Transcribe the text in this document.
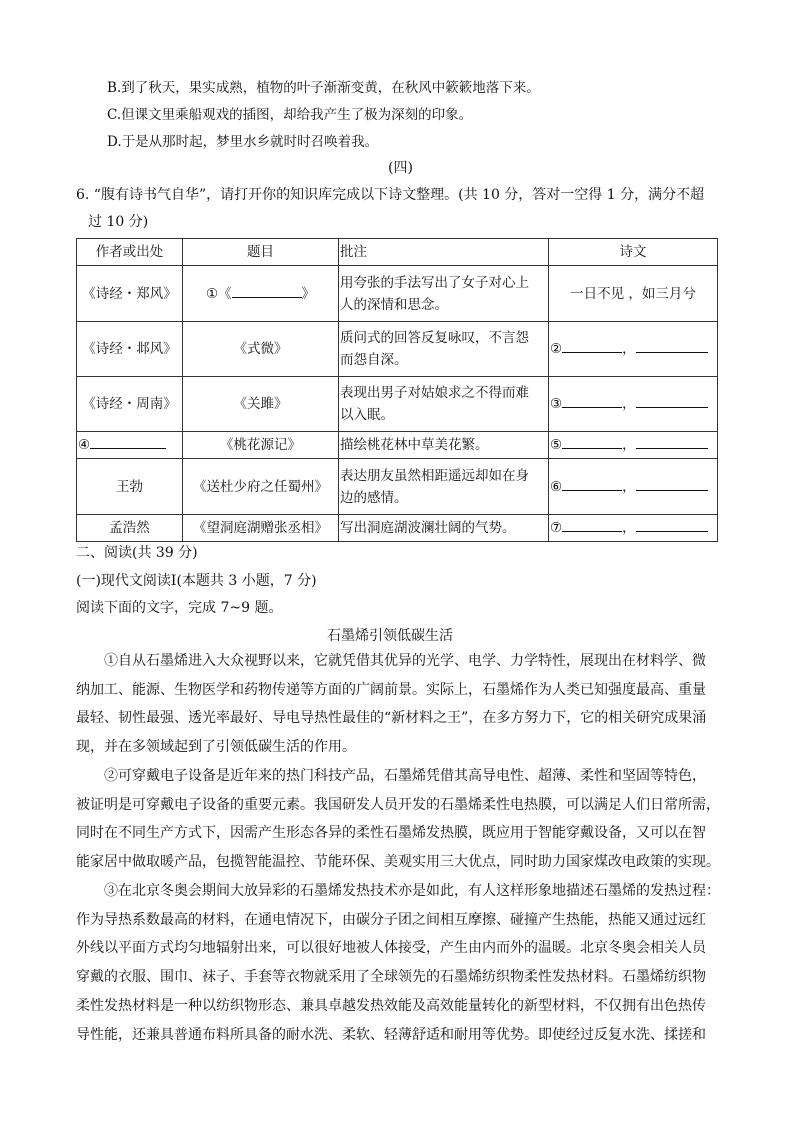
B.到了秋天，果实成熟，植物的叶子渐渐变黄，在秋风中簌簌地落下来。
C.但课文里乘船观戏的插图，却给我产生了极为深刻的印象。
D.于是从那时起，梦里水乡就时时召唤着我。
(四)
6. “腹有诗书气自华”，请打开你的知识库完成以下诗文整理。(共 10 分，答对一空得 1 分，满分不超
过 10 分)
作者或出处	题目	批注	诗文
《诗经・郑风》	①《 》	用夸张的手法写出了女子对心上
人的深情和思念。	一日不见 ，如三月兮
《诗经・邶风》	《式微》	质问式的回答反复咏叹，不言怨
而怨自深。	② ，
《诗经・周南》	《关雎》	表现出男子对姑娘求之不得而难
以入眠。	③ ，
④	《桃花源记》	描绘桃花林中草美花繁。	⑤ ，
王勃	《送杜少府之任蜀州》	表达朋友虽然相距遥远却如在身
边的感情。	⑥ ，
孟浩然	《望洞庭湖赠张丞相》	写出洞庭湖波澜壮阔的气势。	⑦ ，
二、阅读(共 39 分)
(一)现代文阅读Ⅰ(本题共 3 小题，7 分)
阅读下面的文字，完成 7~9 题。
石墨烯引领低碳生活
①自从石墨烯进入大众视野以来，它就凭借其优异的光学、电学、力学特性，展现出在材料学、微
纳加工、能源、生物医学和药物传递等方面的广阔前景。实际上，石墨烯作为人类已知强度最高、重量
最轻、韧性最强、透光率最好、导电导热性最佳的“新材料之王”，在多方努力下，它的相关研究成果涌
现，并在多领域起到了引领低碳生活的作用。
②可穿戴电子设备是近年来的热门科技产品，石墨烯凭借其高导电性、超薄、柔性和坚固等特色，
被证明是可穿戴电子设备的重要元素。我国研发人员开发的石墨烯柔性电热膜，可以满足人们日常所需，
同时在不同生产方式下，因需产生形态各异的柔性石墨烯发热膜，既应用于智能穿戴设备，又可以在智
能家居中做取暖产品，包揽智能温控、节能环保、美观实用三大优点，同时助力国家煤改电政策的实现。
③在北京冬奥会期间大放异彩的石墨烯发热技术亦是如此，有人这样形象地描述石墨烯的发热过程：
作为导热系数最高的材料，在通电情况下，由碳分子团之间相互摩擦、碰撞产生热能，热能又通过远红
外线以平面方式均匀地辐射出来，可以很好地被人体接受，产生由内而外的温暖。北京冬奥会相关人员
穿戴的衣服、围巾、袜子、手套等衣物就采用了全球领先的石墨烯纺织物柔性发热材料。石墨烯纺织物
柔性发热材料是一种以纺织物形态、兼具卓越发热效能及高效能量转化的新型材料，不仅拥有出色热传
导性能，还兼具普通布料所具备的耐水洗、柔软、轻薄舒适和耐用等优势。即使经过反复水洗、揉搓和
